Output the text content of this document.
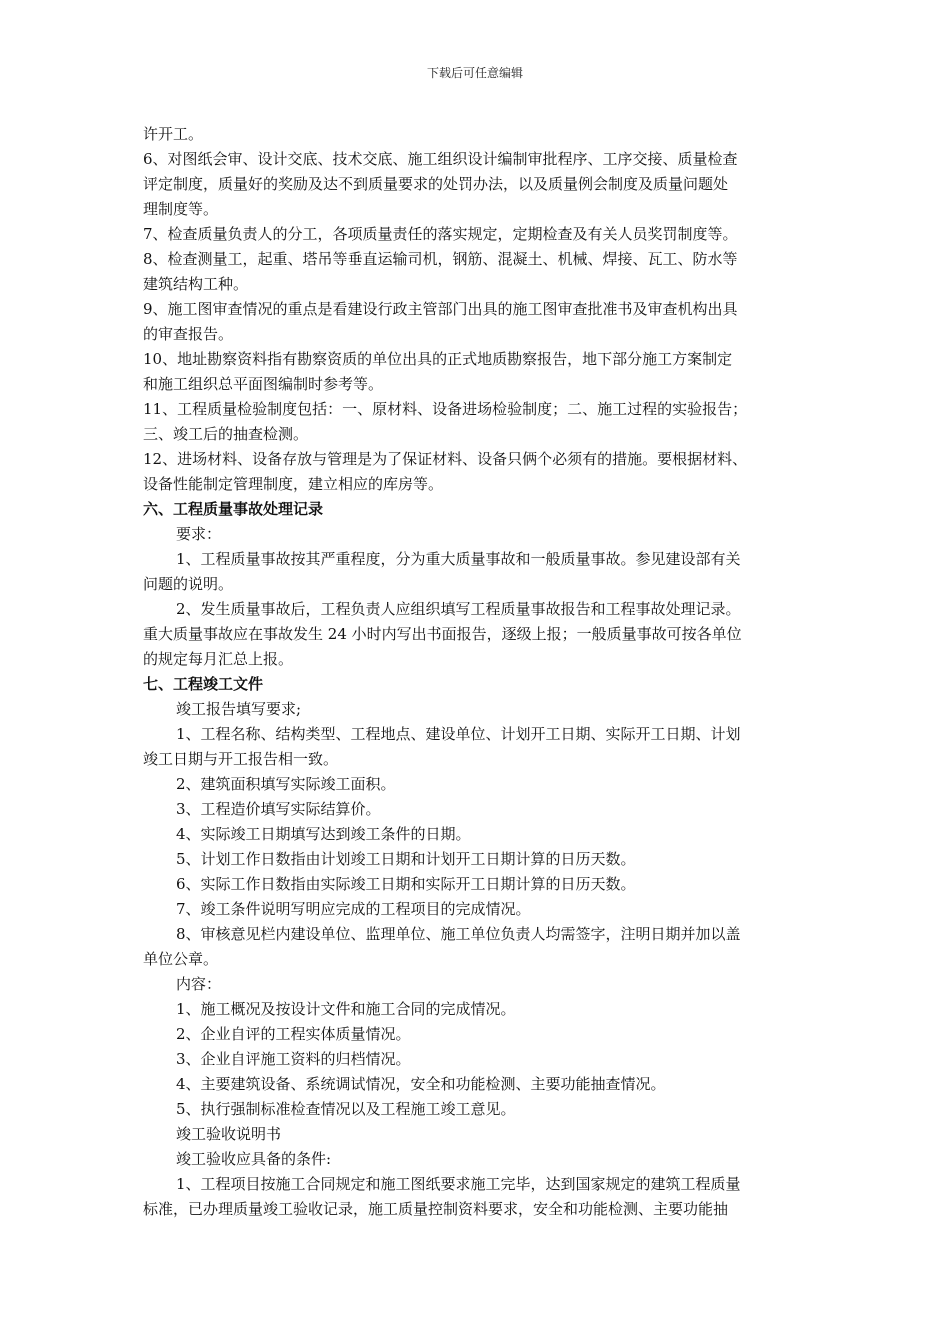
下载后可任意编辑
许开工。
6、对图纸会审、设计交底、技术交底、施工组织设计编制审批程序、工序交接、质量检查
评定制度，质量好的奖励及达不到质量要求的处罚办法，以及质量例会制度及质量问题处
理制度等。
7、检查质量负责人的分工，各项质量责任的落实规定，定期检查及有关人员奖罚制度等。
8、检查测量工，起重、塔吊等垂直运输司机，钢筋、混凝土、机械、焊接、瓦工、防水等
建筑结构工种。
9、施工图审查情况的重点是看建设行政主管部门出具的施工图审查批准书及审查机构出具
的审查报告。
10、地址勘察资料指有勘察资质的单位出具的正式地质勘察报告，地下部分施工方案制定
和施工组织总平面图编制时参考等。
11、工程质量检验制度包括：一、原材料、设备进场检验制度；二、施工过程的实验报告；
三、竣工后的抽查检测。
12、进场材料、设备存放与管理是为了保证材料、设备只俩个必须有的措施。要根据材料、
设备性能制定管理制度，建立相应的库房等。
六、工程质量事故处理记录
要求：
1、工程质量事故按其严重程度，分为重大质量事故和一般质量事故。参见建设部有关
问题的说明。
2、发生质量事故后，工程负责人应组织填写工程质量事故报告和工程事故处理记录。
重大质量事故应在事故发生 24 小时内写出书面报告，逐级上报；一般质量事故可按各单位
的规定每月汇总上报。
七、工程竣工文件
竣工报告填写要求;
1、工程名称、结构类型、工程地点、建设单位、计划开工日期、实际开工日期、计划
竣工日期与开工报告相一致。
2、建筑面积填写实际竣工面积。
3、工程造价填写实际结算价。
4、实际竣工日期填写达到竣工条件的日期。
5、计划工作日数指由计划竣工日期和计划开工日期计算的日历天数。
6、实际工作日数指由实际竣工日期和实际开工日期计算的日历天数。
7、竣工条件说明写明应完成的工程项目的完成情况。
8、审核意见栏内建设单位、监理单位、施工单位负责人均需签字，注明日期并加以盖
单位公章。
内容：
1、施工概况及按设计文件和施工合同的完成情况。
2、企业自评的工程实体质量情况。
3、企业自评施工资料的归档情况。
4、主要建筑设备、系统调试情况，安全和功能检测、主要功能抽查情况。
5、执行强制标准检查情况以及工程施工竣工意见。
竣工验收说明书
竣工验收应具备的条件:
1、工程项目按施工合同规定和施工图纸要求施工完毕，达到国家规定的建筑工程质量
标准，已办理质量竣工验收记录，施工质量控制资料要求，安全和功能检测、主要功能抽
